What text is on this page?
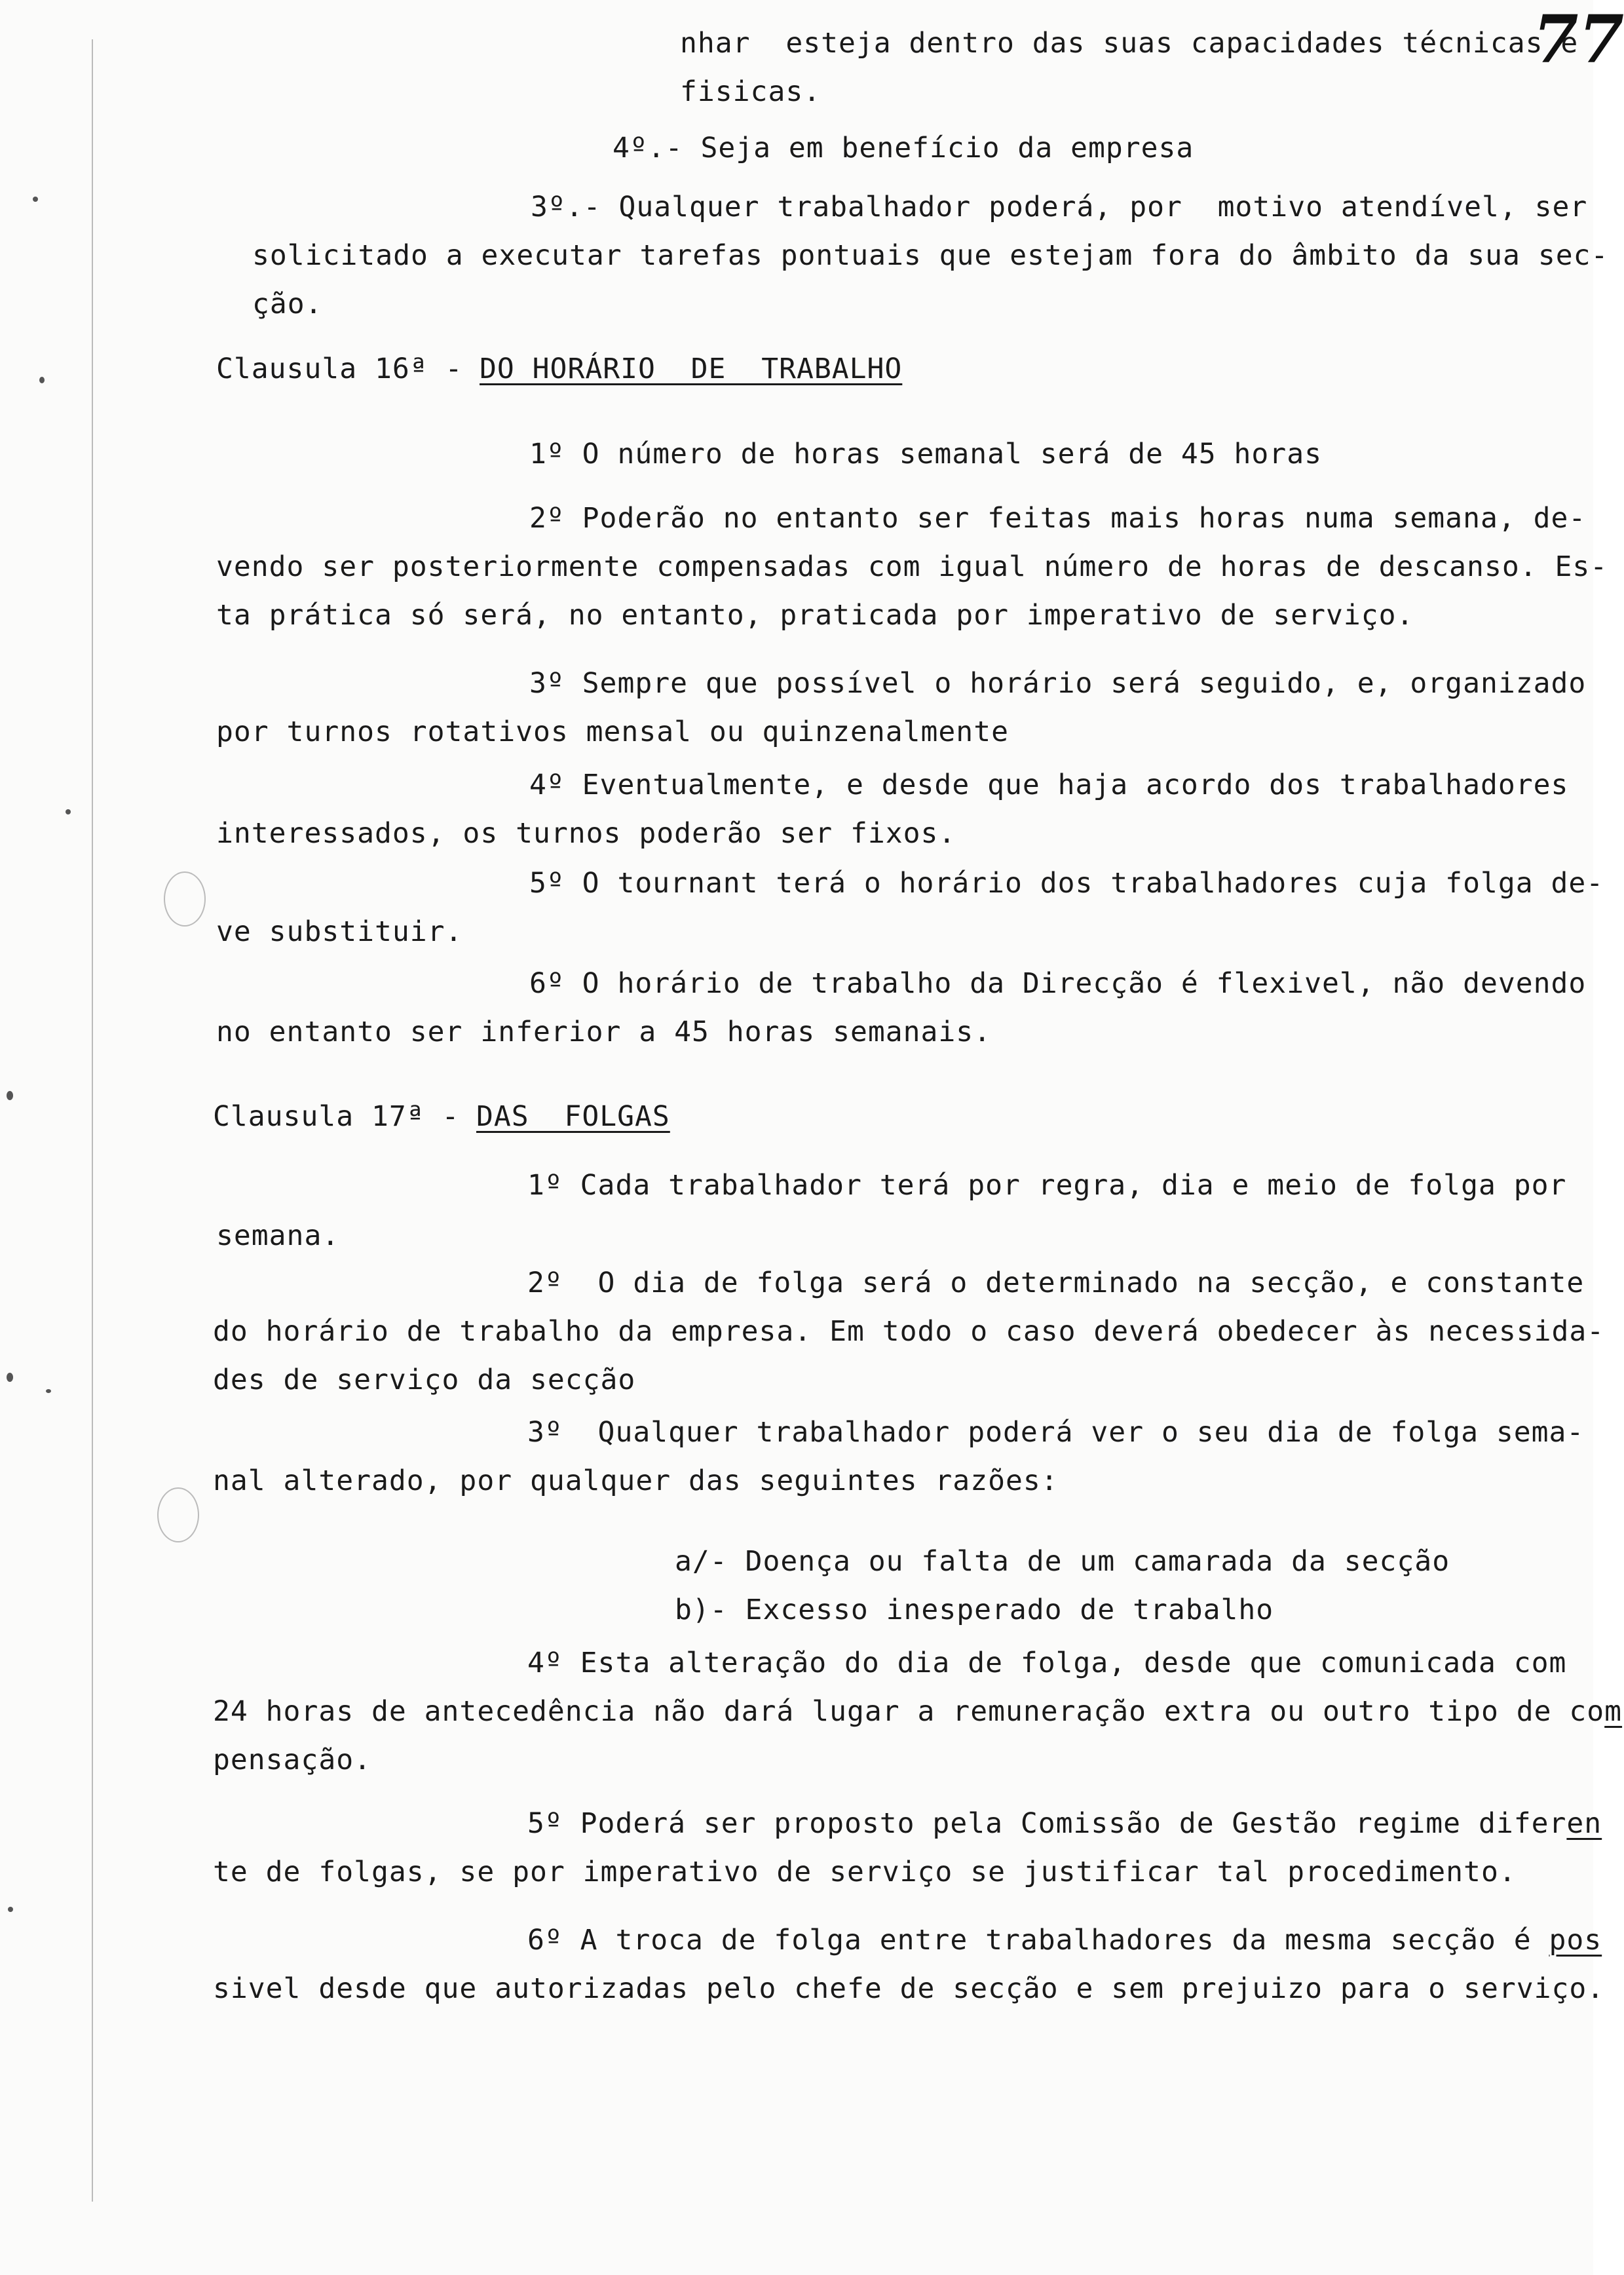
77
nhar  esteja dentro das suas capacidades técnicas e
fisicas.
4º.- Seja em benefício da empresa
3º.- Qualquer trabalhador poderá, por  motivo atendível, ser
solicitado a executar tarefas pontuais que estejam fora do âmbito da sua sec-
ção.
Clausula 16ª - DO HORÁRIO  DE  TRABALHO
1º O número de horas semanal será de 45 horas
2º Poderão no entanto ser feitas mais horas numa semana, de-
vendo ser posteriormente compensadas com igual número de horas de descanso. Es-
ta prática só será, no entanto, praticada por imperativo de serviço.
3º Sempre que possível o horário será seguido, e, organizado
por turnos rotativos mensal ou quinzenalmente
4º Eventualmente, e desde que haja acordo dos trabalhadores
interessados, os turnos poderão ser fixos.
5º O tournant terá o horário dos trabalhadores cuja folga de-
ve substituir.
6º O horário de trabalho da Direcção é flexivel, não devendo
no entanto ser inferior a 45 horas semanais.
Clausula 17ª - DAS  FOLGAS
1º Cada trabalhador terá por regra, dia e meio de folga por
semana.
2º  O dia de folga será o determinado na secção, e constante
do horário de trabalho da empresa. Em todo o caso deverá obedecer às necessida-
des de serviço da secção
3º  Qualquer trabalhador poderá ver o seu dia de folga sema-
nal alterado, por qualquer das seguintes razões:
a/- Doença ou falta de um camarada da secção
b)- Excesso inesperado de trabalho
4º Esta alteração do dia de folga, desde que comunicada com
24 horas de antecedência não dará lugar a remuneração extra ou outro tipo de com
pensação.
5º Poderá ser proposto pela Comissão de Gestão regime diferen
te de folgas, se por imperativo de serviço se justificar tal procedimento.
6º A troca de folga entre trabalhadores da mesma secção é pos
sivel desde que autorizadas pelo chefe de secção e sem prejuizo para o serviço.
